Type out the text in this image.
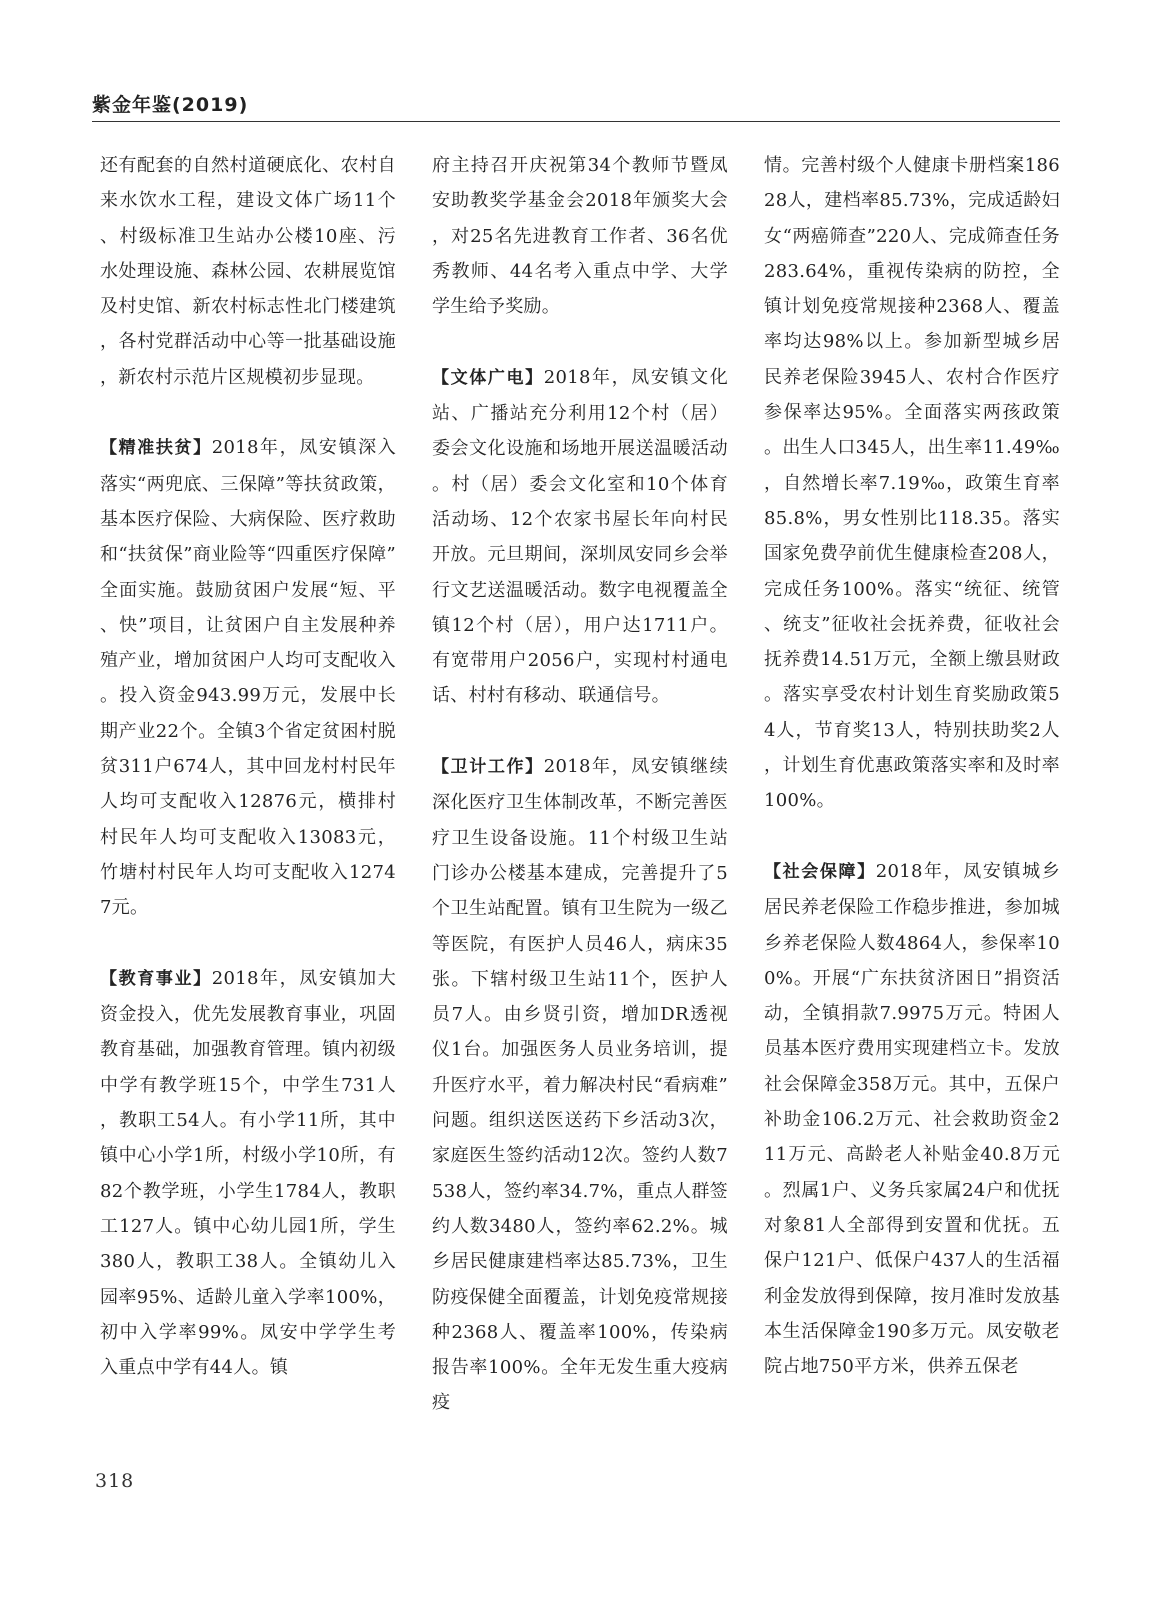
紫金年鉴(2019)

还有配套的自然村道硬底化、农村自来水饮水工程，建设文体广场11个、村级标准卫生站办公楼10座、污水处理设施、森林公园、农耕展览馆及村史馆、新农村标志性北门楼建筑，各村党群活动中心等一批基础设施，新农村示范片区规模初步显现。

【精准扶贫】2018年，凤安镇深入落实“两兜底、三保障”等扶贫政策，基本医疗保险、大病保险、医疗救助和“扶贫保”商业险等“四重医疗保障”全面实施。鼓励贫困户发展“短、平、快”项目，让贫困户自主发展种养殖产业，增加贫困户人均可支配收入。投入资金943.99万元，发展中长期产业22个。全镇3个省定贫困村脱贫311户674人，其中回龙村村民年人均可支配收入12876元，横排村村民年人均可支配收入13083元，竹塘村村民年人均可支配收入12747元。

【教育事业】2018年，凤安镇加大资金投入，优先发展教育事业，巩固教育基础，加强教育管理。镇内初级中学有教学班15个，中学生731人，教职工54人。有小学11所，其中镇中心小学1所，村级小学10所，有82个教学班，小学生1784人，教职工127人。镇中心幼儿园1所，学生380人，教职工38人。全镇幼儿入园率95%、适龄儿童入学率100%，初中入学率99%。凤安中学学生考入重点中学有44人。镇

府主持召开庆祝第34个教师节暨凤安助教奖学基金会2018年颁奖大会，对25名先进教育工作者、36名优秀教师、44名考入重点中学、大学学生给予奖励。

【文体广电】2018年，凤安镇文化站、广播站充分利用12个村（居）委会文化设施和场地开展送温暖活动。村（居）委会文化室和10个体育活动场、12个农家书屋长年向村民开放。元旦期间，深圳凤安同乡会举行文艺送温暖活动。数字电视覆盖全镇12个村（居），用户达1711户。有宽带用户2056户，实现村村通电话、村村有移动、联通信号。

【卫计工作】2018年，凤安镇继续深化医疗卫生体制改革，不断完善医疗卫生设备设施。11个村级卫生站门诊办公楼基本建成，完善提升了5个卫生站配置。镇有卫生院为一级乙等医院，有医护人员46人，病床35张。下辖村级卫生站11个，医护人员7人。由乡贤引资，增加DR透视仪1台。加强医务人员业务培训，提升医疗水平，着力解决村民“看病难”问题。组织送医送药下乡活动3次，家庭医生签约活动12次。签约人数7538人，签约率34.7%，重点人群签约人数3480人，签约率62.2%。城乡居民健康建档率达85.73%，卫生防疫保健全面覆盖，计划免疫常规接种2368人、覆盖率100%，传染病报告率100%。全年无发生重大疫病疫

情。完善村级个人健康卡册档案18628人，建档率85.73%，完成适龄妇女“两癌筛查”220人、完成筛查任务283.64%，重视传染病的防控，全镇计划免疫常规接种2368人、覆盖率均达98%以上。参加新型城乡居民养老保险3945人、农村合作医疗参保率达95%。全面落实两孩政策。出生人口345人，出生率11.49‰，自然增长率7.19‰，政策生育率85.8%，男女性别比118.35。落实国家免费孕前优生健康检查208人，完成任务100%。落实“统征、统管、统支”征收社会抚养费，征收社会抚养费14.51万元，全额上缴县财政。落实享受农村计划生育奖励政策54人，节育奖13人，特别扶助奖2人，计划生育优惠政策落实率和及时率100%。

【社会保障】2018年，凤安镇城乡居民养老保险工作稳步推进，参加城乡养老保险人数4864人，参保率100%。开展“广东扶贫济困日”捐资活动，全镇捐款7.9975万元。特困人员基本医疗费用实现建档立卡。发放社会保障金358万元。其中，五保户补助金106.2万元、社会救助资金211万元、高龄老人补贴金40.8万元。烈属1户、义务兵家属24户和优抚对象81人全部得到安置和优抚。五保户121户、低保户437人的生活福利金发放得到保障，按月准时发放基本生活保障金190多万元。凤安敬老院占地750平方米，供养五保老

318
